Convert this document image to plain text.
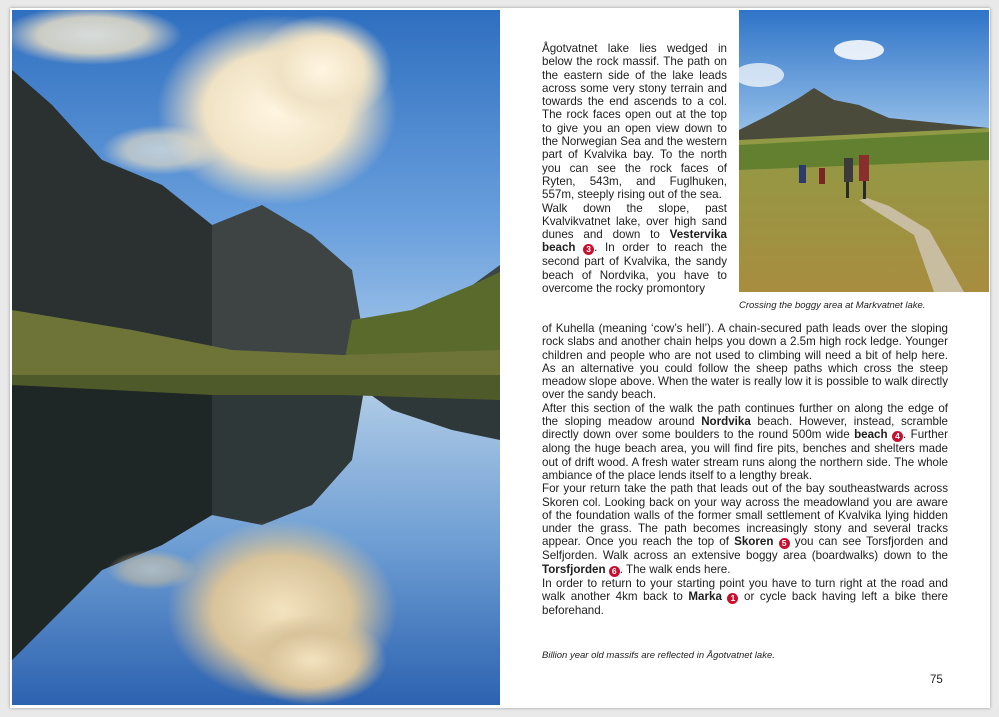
Crossing the boggy area at Markvatnet lake.

Ågotvatnet lake lies wedged in below the rock massif. The path on the eastern side of the lake leads across some very stony terrain and towards the end ascends to a col. The rock faces open out at the top to give you an open view down to the Norwegian Sea and the western part of Kvalvika bay. To the north you can see the rock faces of Ryten, 543m, and Fuglhuken, 557m, steeply rising out of the sea.

Walk down the slope, past Kvalvikvatnet lake, over high sand dunes and down to Vestervika beach 3 . In order to reach the second part of Kvalvika, the sandy beach of Nordvika, you have to overcome the rocky promontory

of Kuhella (meaning ‘cow’s hell’). A chain-secured path leads over the sloping rock slabs and another chain helps you down a 2.5m high rock ledge. Younger children and people who are not used to climbing will need a bit of help here. As an alternative you could follow the sheep paths which cross the steep meadow slope above. When the water is really low it is possible to walk directly over the sandy beach.

After this section of the walk the path continues further on along the edge of the sloping meadow around Nordvika beach. However, instead, scramble directly down over some boulders to the round 500m wide beach 4 . Further along the huge beach area, you will find fire pits, benches and shelters made out of drift wood. A fresh water stream runs along the northern side. The whole ambiance of the place lends itself to a lengthy break.

For your return take the path that leads out of the bay southeastwards across Skoren col. Looking back on your way across the meadowland you are aware of the foundation walls of the former small settlement of Kvalvika lying hidden under the grass. The path becomes increasingly stony and several tracks appear. Once you reach the top of Skoren 5 you can see Torsfjorden and Selfjorden. Walk across an extensive boggy area (boardwalks) down to the Torsfjorden 6 . The walk ends here.

In order to return to your starting point you have to turn right at the road and walk another 4km back to Marka 1 or cycle back having left a bike there beforehand.

Billion year old massifs are reflected in Ågotvatnet lake.
75
